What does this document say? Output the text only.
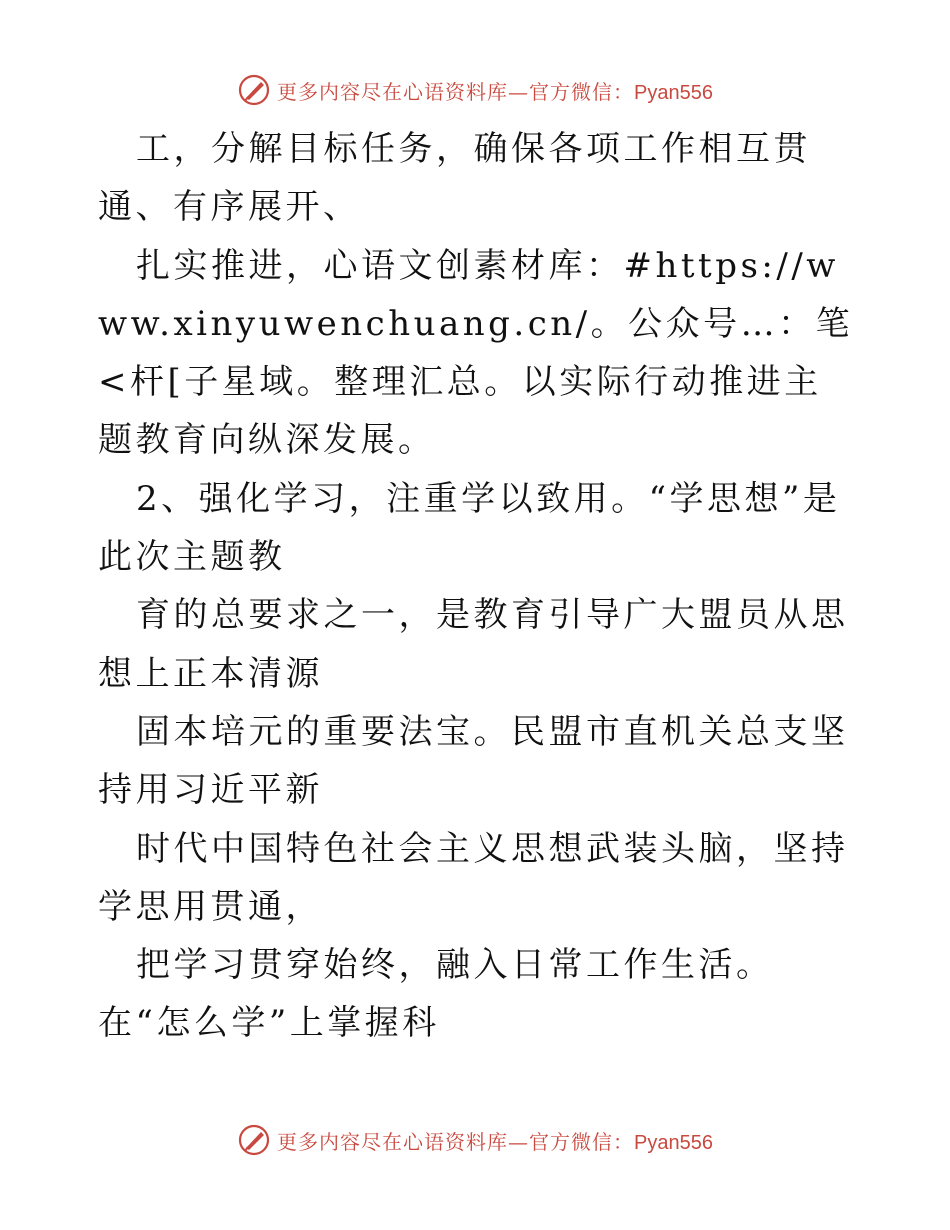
更多内容尽在心语资料库—官方微信：Pyan556

工，分解目标任务，确保各项工作相互贯通、有序展开、

扎实推进，心语文创素材库：#https://www.xinyuwenchuang.cn/。公众号…：笔<杆[子星域。整理汇总。以实际行动推进主题教育向纵深发展。

2、强化学习，注重学以致用。“学思想”是此次主题教

育的总要求之一，是教育引导广大盟员从思想上正本清源

固本培元的重要法宝。民盟市直机关总支坚持用习近平新

时代中国特色社会主义思想武装头脑，坚持学思用贯通，

把学习贯穿始终，融入日常工作生活。在“怎么学”上掌握科

更多内容尽在心语资料库—官方微信：Pyan556
